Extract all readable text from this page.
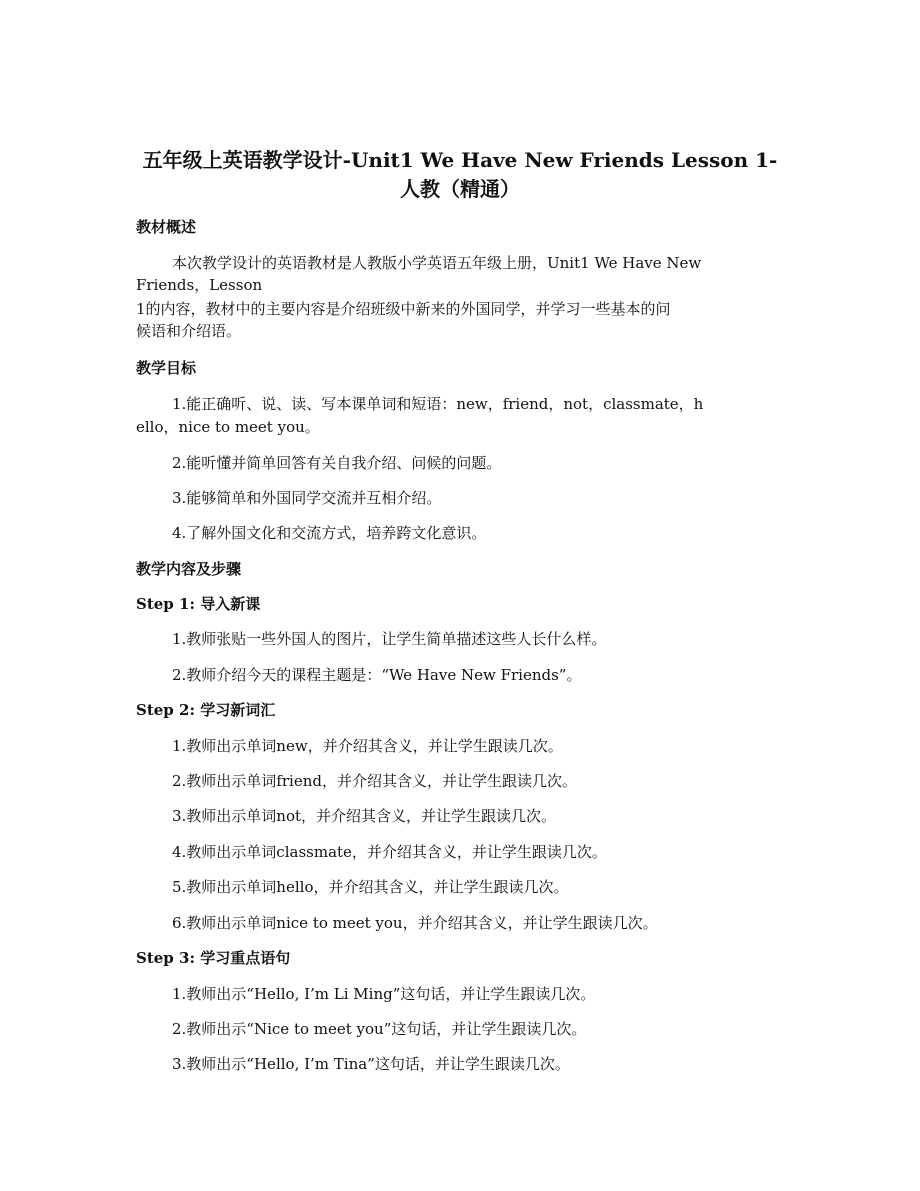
五年级上英语教学设计-Unit1 We Have New Friends Lesson 1-
人教（精通）
教材概述
本次教学设计的英语教材是人教版小学英语五年级上册，Unit1 We Have New
Friends，Lesson
1的内容，教材中的主要内容是介绍班级中新来的外国同学，并学习一些基本的问
候语和介绍语。
教学目标
1.能正确听、说、读、写本课单词和短语：new，friend，not，classmate，h
ello，nice to meet you。
2.能听懂并简单回答有关自我介绍、问候的问题。
3.能够简单和外国同学交流并互相介绍。
4.了解外国文化和交流方式，培养跨文化意识。
教学内容及步骤
Step 1: 导入新课
1.教师张贴一些外国人的图片，让学生简单描述这些人长什么样。
2.教师介绍今天的课程主题是：“We Have New Friends”。
Step 2: 学习新词汇
1.教师出示单词new，并介绍其含义，并让学生跟读几次。
2.教师出示单词friend，并介绍其含义，并让学生跟读几次。
3.教师出示单词not，并介绍其含义，并让学生跟读几次。
4.教师出示单词classmate，并介绍其含义，并让学生跟读几次。
5.教师出示单词hello，并介绍其含义，并让学生跟读几次。
6.教师出示单词nice to meet you，并介绍其含义，并让学生跟读几次。
Step 3: 学习重点语句
1.教师出示“Hello, I’m Li Ming”这句话，并让学生跟读几次。
2.教师出示“Nice to meet you”这句话，并让学生跟读几次。
3.教师出示“Hello, I’m Tina”这句话，并让学生跟读几次。
